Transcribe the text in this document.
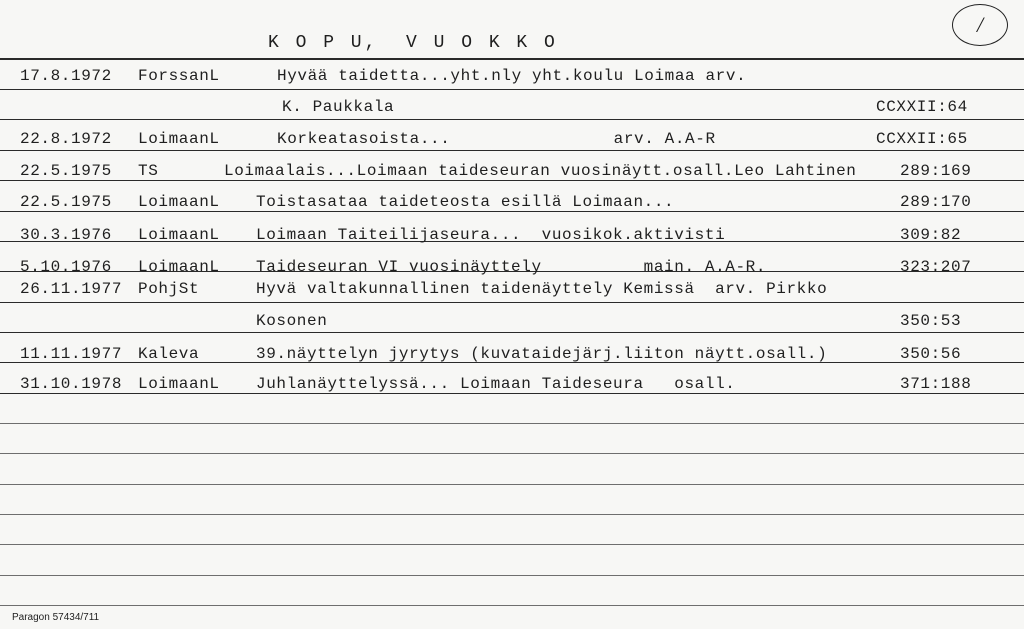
K O P U,  V U O K K O
/
17.8.1972 ForssanL	Hyvää taidetta...yht.nly yht.koulu Loimaa arv.
K. Paukkala	CCXXII:64
22.8.1972 LoimaanL	Korkeatasoista...                arv. A.A-R	CCXXII:65
22.5.1975 TS	Loimaalais...Loimaan taideseuran vuosinäytt.osall.Leo Lahtinen	289:169
22.5.1975 LoimaanL Toistasataa taideteosta esillä Loimaan...	289:170
30.3.1976 LoimaanL Loimaan Taiteilijaseura...  vuosikok.aktivisti	309:82
5.10.1976 LoimaanL Taideseuran VI vuosinäyttely          main. A.A-R.	323:207
26.11.1977 PohjSt	Hyvä valtakunnallinen taidenäyttely Kemissä  arv. Pirkko
Kosonen	350:53
11.11.1977 Kaleva	39.näyttelyn jyrytys (kuvataidejärj.liiton näytt.osall.)	350:56
31.10.1978 LoimaanL Juhlanäyttelyssä... Loimaan Taideseura   osall.	371:188
Paragon 57434/711
